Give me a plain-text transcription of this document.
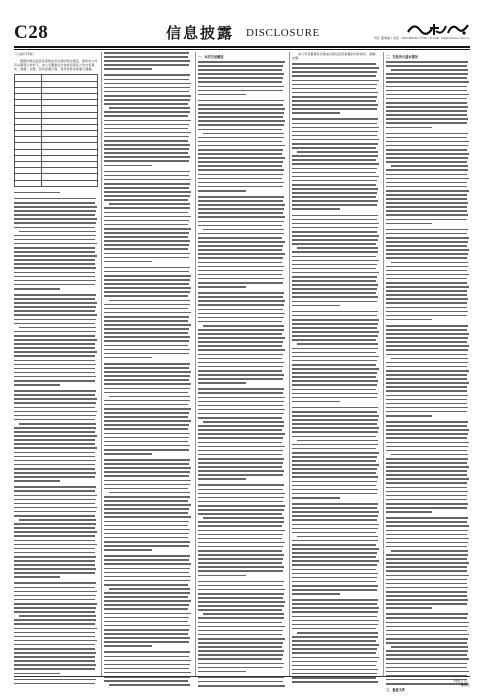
C28	信息披露 DISCLOSURE	责任 董事编 / 电话 : 010-84032-7736 / E-mail: hd@xinhua.com.cn

（上接C27版）

根据中国证监会及深圳证券交易所相关规定，现将本公司有关事项公告如下，本公司董事会全体成员保证公告内容真实、准确、完整，没有虚假记载、误导性陈述或重大遗漏。

一、本次交易概述

本公司及董事会全体成员保证信息披露的内容真实、准确、完整。	二、交易各方基本情况

三、备查文件

特此公告。
董事会
